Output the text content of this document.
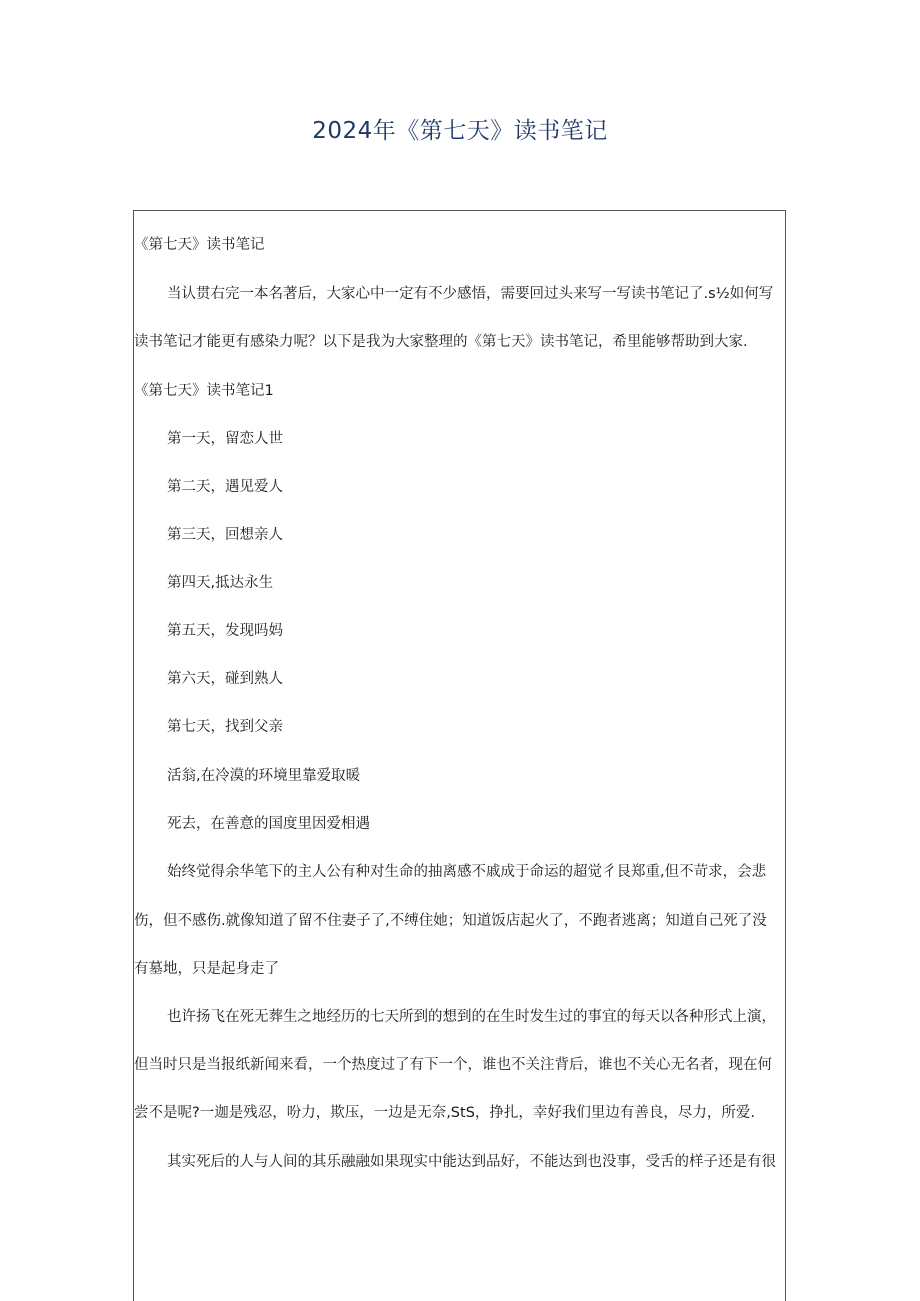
2024年《第七天》读书笔记
《第七天》读书笔记
当认贯右完一本名著后，大家心中一定有不少感悟，需要回过头来写一写读书笔记了.s½如何写
读书笔记才能更有感染力呢？以下是我为大家整理的《第七天》读书笔记，希里能够帮助到大家.
《第七天》读书笔记1
第一天，留恋人世
第二天，遇见爱人
第三天，回想亲人
第四天,抵达永生
第五天，发现吗妈
第六天，碰到熟人
第七天，找到父亲
活翁,在冷漠的环境里靠爱取暖
死去，在善意的国度里因爱相遇
始终觉得余华笔下的主人公有种对生命的抽离感不戚成于命运的超觉彳艮郑重,但不苛求，会悲
伤，但不感伤.就像知道了留不住妻子了,不缚住她；知道饭店起火了，不跑者逃离；知道自己死了没
有墓地，只是起身走了
也许扬飞在死无葬生之地经历的七天所到的想到的在生时发生过的事宜的每天以各种形式上演，
但当时只是当报纸新闻来看，一个热度过了有下一个，谁也不关注背后，谁也不关心无名者，现在何
尝不是呢?一迦是残忍，吩力，欺压，一边是无奈,StS，挣扎，幸好我们里边有善良，尽力，所爱.
其实死后的人与人间的其乐融融如果现实中能达到品好，不能达到也没事，受舌的样子还是有很
